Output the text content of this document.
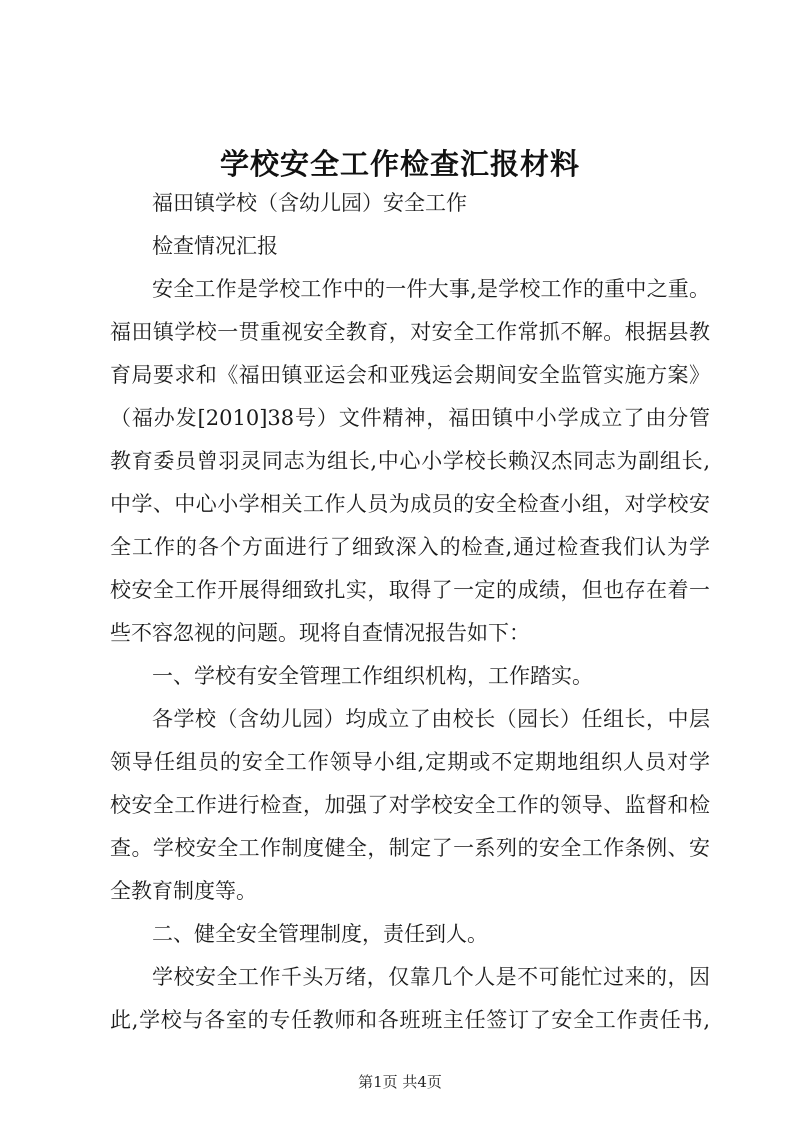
学校安全工作检查汇报材料
福田镇学校（含幼儿园）安全工作
检查情况汇报
安全工作是学校工作中的一件大事,是学校工作的重中之重。
福田镇学校一贯重视安全教育，对安全工作常抓不解。根据县教
育局要求和《福田镇亚运会和亚残运会期间安全监管实施方案》
（福办发[2010]38号）文件精神，福田镇中小学成立了由分管
教育委员曾羽灵同志为组长,中心小学校长赖汉杰同志为副组长,
中学、中心小学相关工作人员为成员的安全检查小组，对学校安
全工作的各个方面进行了细致深入的检查,通过检查我们认为学
校安全工作开展得细致扎实，取得了一定的成绩，但也存在着一
些不容忽视的问题。现将自查情况报告如下：
一、学校有安全管理工作组织机构，工作踏实。
各学校（含幼儿园）均成立了由校长（园长）任组长，中层
领导任组员的安全工作领导小组,定期或不定期地组织人员对学
校安全工作进行检查，加强了对学校安全工作的领导、监督和检
查。学校安全工作制度健全，制定了一系列的安全工作条例、安
全教育制度等。
二、健全安全管理制度，责任到人。
学校安全工作千头万绪，仅靠几个人是不可能忙过来的，因
此,学校与各室的专任教师和各班班主任签订了安全工作责任书,
第1页 共4页
